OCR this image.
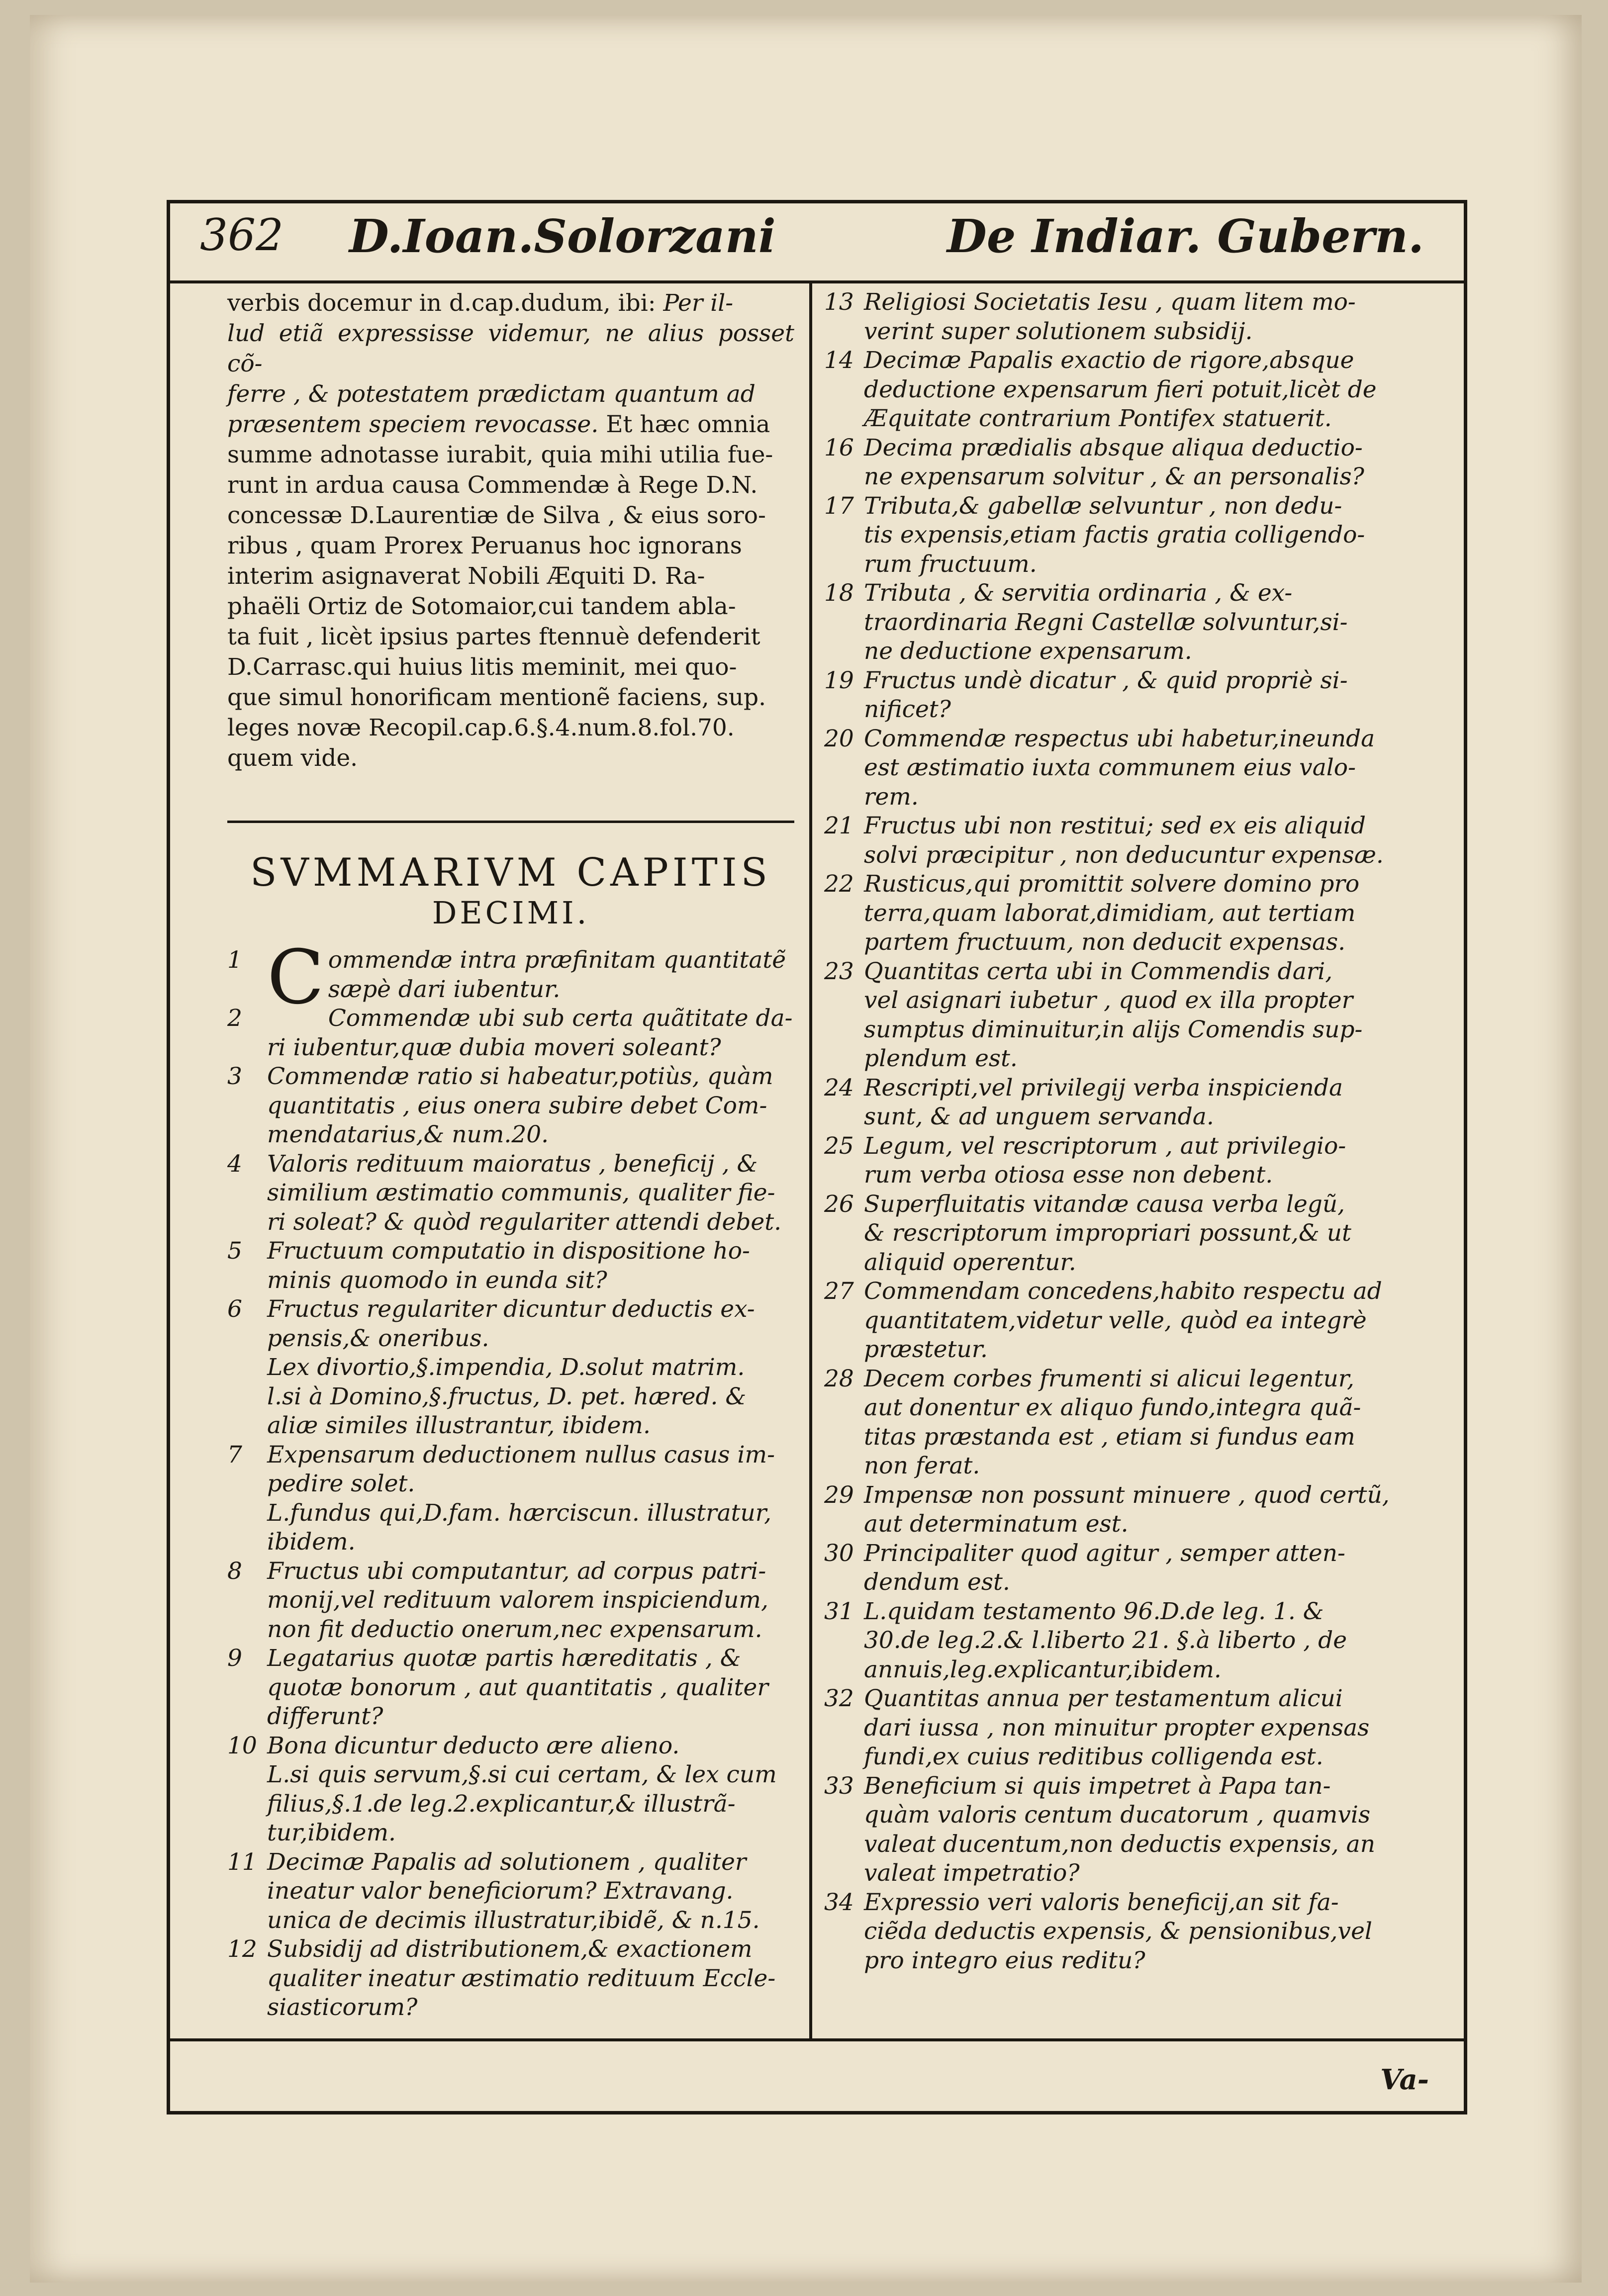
362 D.Ioan.Solorzani	De Indiar. Gubern.

verbis docemur in d.cap.dudum, ibi: Per il-

lud etiã expressisse videmur, ne alius posset cõ-

ferre , & potestatem prædictam quantum ad

præsentem speciem revocasse. Et hæc omnia

summe adnotasse iurabit, quia mihi utilia fue-

runt in ardua causa Commendæ à Rege D.N.

concessæ D.Laurentiæ de Silva , & eius soro-

ribus , quam Prorex Peruanus hoc ignorans

interim asignaverat Nobili Æquiti D. Ra-

phaëli Ortiz de Sotomaior,cui tandem abla-

ta fuit , licèt ipsius partes ftennuè defenderit

D.Carrasc.qui huius litis meminit, mei quo-

que simul honorificam mentionẽ faciens, sup.

leges novæ Recopil.cap.6.§.4.num.8.fol.70.

quem vide.

SVMMARIVM CAPITIS
DECIMI.
1 C ommendæ intra præfinitam quantitatẽ
sæpè dari iubentur.
2	Commendæ ubi sub certa quãtitate da-
ri iubentur,quæ dubia moveri soleant?
3 Commendæ ratio si habeatur,potiùs, quàm
quantitatis , eius onera subire debet Com-
mendatarius,& num.20.
4 Valoris redituum maioratus , beneficij , &
similium æstimatio communis, qualiter fie-
ri soleat? & quòd regulariter attendi debet.
5 Fructuum computatio in dispositione ho-
minis quomodo in eunda sit?
6 Fructus regulariter dicuntur deductis ex-
pensis,& oneribus.
Lex divortio,§.impendia, D.solut matrim.
l.si à Domino,§.fructus, D. pet. hæred. &
aliæ similes illustrantur, ibidem.
7 Expensarum deductionem nullus casus im-
pedire solet.
L.fundus qui,D.fam. hærciscun. illustratur,
ibidem.
8 Fructus ubi computantur, ad corpus patri-
monij,vel redituum valorem inspiciendum,
non fit deductio onerum,nec expensarum.
9 Legatarius quotæ partis hæreditatis , &
quotæ bonorum , aut quantitatis , qualiter
differunt?
10 Bona dicuntur deducto ære alieno.
L.si quis servum,§.si cui certam, & lex cum
filius,§.1.de leg.2.explicantur,& illustrã-
tur,ibidem.
11 Decimæ Papalis ad solutionem , qualiter
ineatur valor beneficiorum? Extravang.
unica de decimis illustratur,ibidẽ, & n.15.
12 Subsidij ad distributionem,& exactionem
qualiter ineatur æstimatio redituum Eccle-
siasticorum?
13 Religiosi Societatis Iesu , quam litem mo-
verint super solutionem subsidij.
14 Decimæ Papalis exactio de rigore,absque
deductione expensarum fieri potuit,licèt de
Æquitate contrarium Pontifex statuerit.
16 Decima prædialis absque aliqua deductio-
ne expensarum solvitur , & an personalis?
17 Tributa,& gabellæ selvuntur , non dedu-
tis expensis,etiam factis gratia colligendo-
rum fructuum.
18 Tributa , & servitia ordinaria , & ex-
traordinaria Regni Castellæ solvuntur,si-
ne deductione expensarum.
19 Fructus undè dicatur , & quid propriè si-
nificet?
20 Commendæ respectus ubi habetur,ineunda
est æstimatio iuxta communem eius valo-
rem.
21 Fructus ubi non restitui; sed ex eis aliquid
solvi præcipitur , non deducuntur expensæ.
22 Rusticus,qui promittit solvere domino pro
terra,quam laborat,dimidiam, aut tertiam
partem fructuum, non deducit expensas.
23 Quantitas certa ubi in Commendis dari,
vel asignari iubetur , quod ex illa propter
sumptus diminuitur,in alijs Comendis sup-
plendum est.
24 Rescripti,vel privilegij verba inspicienda
sunt, & ad unguem servanda.
25 Legum, vel rescriptorum , aut privilegio-
rum verba otiosa esse non debent.
26 Superfluitatis vitandæ causa verba legũ,
& rescriptorum impropriari possunt,& ut
aliquid operentur.
27 Commendam concedens,habito respectu ad
quantitatem,videtur velle, quòd ea integrè
præstetur.
28 Decem corbes frumenti si alicui legentur,
aut donentur ex aliquo fundo,integra quã-
titas præstanda est , etiam si fundus eam
non ferat.
29 Impensæ non possunt minuere , quod certũ,
aut determinatum est.
30 Principaliter quod agitur , semper atten-
dendum est.
31 L.quidam testamento 96.D.de leg. 1. &
30.de leg.2.& l.liberto 21. §.à liberto , de
annuis,leg.explicantur,ibidem.
32 Quantitas annua per testamentum alicui
dari iussa , non minuitur propter expensas
fundi,ex cuius reditibus colligenda est.
33 Beneficium si quis impetret à Papa tan-
quàm valoris centum ducatorum , quamvis
valeat ducentum,non deductis expensis, an
valeat impetratio?
34 Expressio veri valoris beneficij,an sit fa-
ciẽda deductis expensis, & pensionibus,vel
pro integro eius reditu?
Va-
